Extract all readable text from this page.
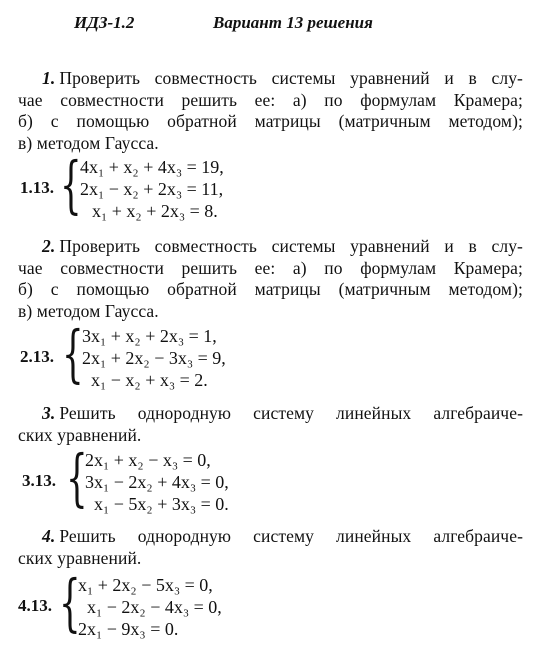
ИДЗ-1.2	Вариант 13 решения
1. Проверить совместность системы уравнений и в слу-
чае совместности решить ее: а) по формулам Крамера;
б) с помощью обратной матрицы (матричным методом);
в) методом Гаусса.
1.13. {
4x₁ + x₂ + 4x₃ = 19,
2x₁ − x₂ + 2x₃ = 11,
x₁ + x₂ + 2x₃ = 8.
2. Проверить совместность системы уравнений и в слу-
чае совместности решить ее: а) по формулам Крамера;
б) с помощью обратной матрицы (матричным методом);
в) методом Гаусса.
2.13. {
3x₁ + x₂ + 2x₃ = 1,
2x₁ + 2x₂ − 3x₃ = 9,
x₁ − x₂ + x₃ = 2.
3. Решить однородную систему линейных алгебраиче-
ских уравнений.
3.13. {
2x₁ + x₂ − x₃ = 0,
3x₁ − 2x₂ + 4x₃ = 0,
x₁ − 5x₂ + 3x₃ = 0.
4. Решить однородную систему линейных алгебраиче-
ских уравнений.
4.13. {
x₁ + 2x₂ − 5x₃ = 0,
x₁ − 2x₂ − 4x₃ = 0,
2x₁ − 9x₃ = 0.
